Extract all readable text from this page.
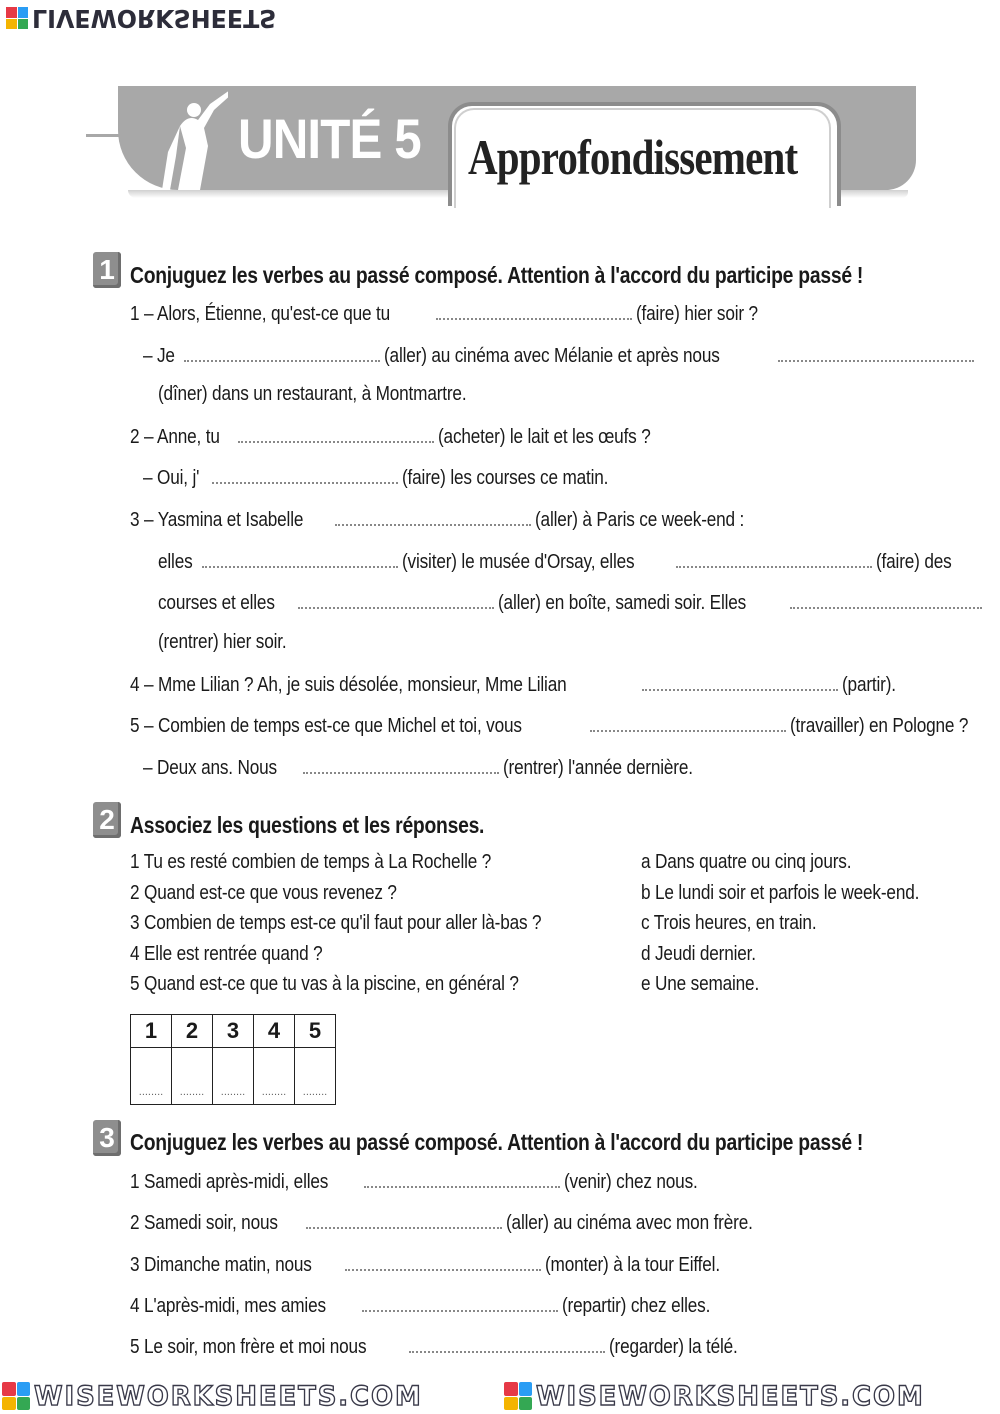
LIVEWORKSHEETS
UNITÉ 5 Approfondissement
1 Conjuguez les verbes au passé composé. Attention à l'accord du participe passé !
1 – Alors, Étienne, qu'est-ce que tu	(faire) hier soir ?
– Je	(aller) au cinéma avec Mélanie et après nous
(dîner) dans un restaurant, à Montmartre.
2 – Anne, tu	(acheter) le lait et les œufs ?
– Oui, j'	(faire) les courses ce matin.
3 – Yasmina et Isabelle	(aller) à Paris ce week-end :
elles	(visiter) le musée d'Orsay, elles	(faire) des
courses et elles	(aller) en boîte, samedi soir. Elles
(rentrer) hier soir.
4 – Mme Lilian ? Ah, je suis désolée, monsieur, Mme Lilian	(partir).
5 – Combien de temps est-ce que Michel et toi, vous	(travailler) en Pologne ?
– Deux ans. Nous	(rentrer) l'année dernière.
2 Associez les questions et les réponses.
1 Tu es resté combien de temps à La Rochelle ?
2 Quand est-ce que vous revenez ?
3 Combien de temps est-ce qu'il faut pour aller là-bas ?
4 Elle est rentrée quand ?
5 Quand est-ce que tu vas à la piscine, en général ?
a Dans quatre ou cinq jours.
b Le lundi soir et parfois le week-end.
c Trois heures, en train.
d Jeudi dernier.
e Une semaine.
1	2	3	4	5
........	........	........	........	........
3 Conjuguez les verbes au passé composé. Attention à l'accord du participe passé !
1 Samedi après-midi, elles	(venir) chez nous.
2 Samedi soir, nous	(aller) au cinéma avec mon frère.
3 Dimanche matin, nous	(monter) à la tour Eiffel.
4 L'après-midi, mes amies	(repartir) chez elles.
5 Le soir, mon frère et moi nous	(regarder) la télé.
WISEWORKSHEETS.COM	WISEWORKSHEETS.COM
